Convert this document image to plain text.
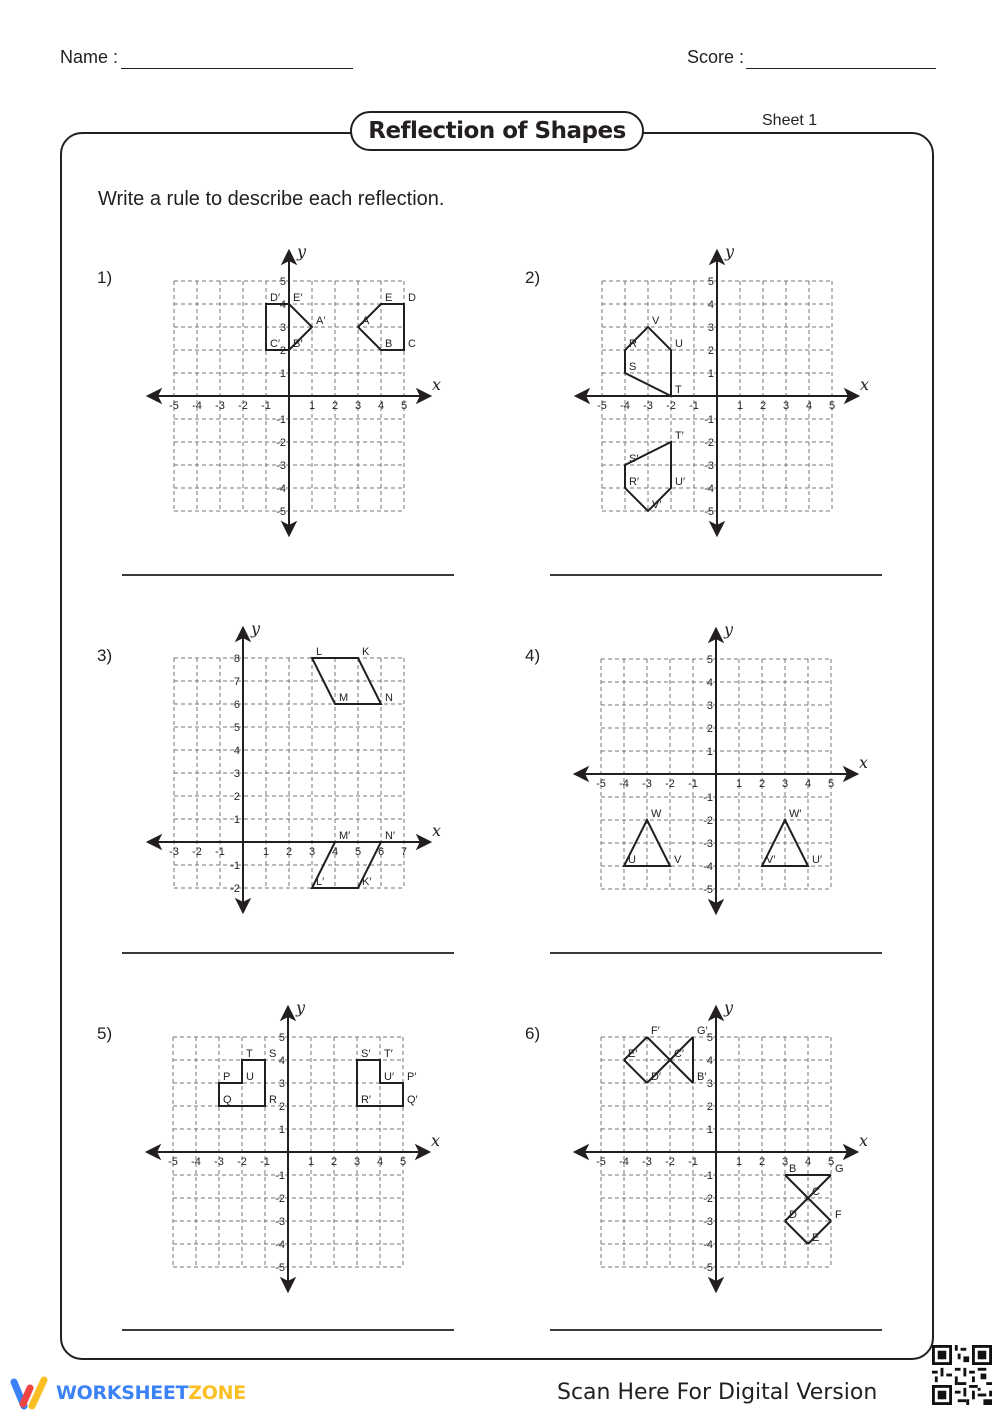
Name :	Score :
Reflection of Shapes	Sheet 1
Write a rule to describe each reflection.
1)	2)
3)	4)
5)	6)
x
y
-5 -4 -3 -2 -1	1 2 3 4 5
-5
-4
-3
-2
-1
1
2
3
4
5
A
B C
D
E
A′
B′
C′
D′ E′
x
y
-5 -4 -3 -2 -1	1 2 3 4 5
-5
-4
-3
-2
-1
1
2
3
4
5
R
S
T
U
V
R′
S′
T′
U′
V′
x
y
-3 -2 -1	1 2 3 4 5 6 7
-2
-1
1
2
3
4
5
6
7
8
L	K
N
M
L′	K′
N′
M′
x
y
-5 -4 -3 -2 -1	1 2 3 4 5
-5
-4
-3
-2
-1
1
2
3
4
5
U
W
V	V′
W′
U′
x
y
-5 -4 -3 -2 -1	1 2 3 4 5
-5
-4
-3
-2
-1
1
2
3
4
5
P
Q	R
S
T
U	P′
Q′
R′
S′ T′
U′
x
y
-5 -4 -3 -2 -1	1 2 3 4 5
-5
-4
-3
-2
-1
1
2
3
4
5
B	G
D
E
F
C
B′
G′
D′
E′
F′
C′
WORKSHEETZONE	Scan Here For Digital Version
